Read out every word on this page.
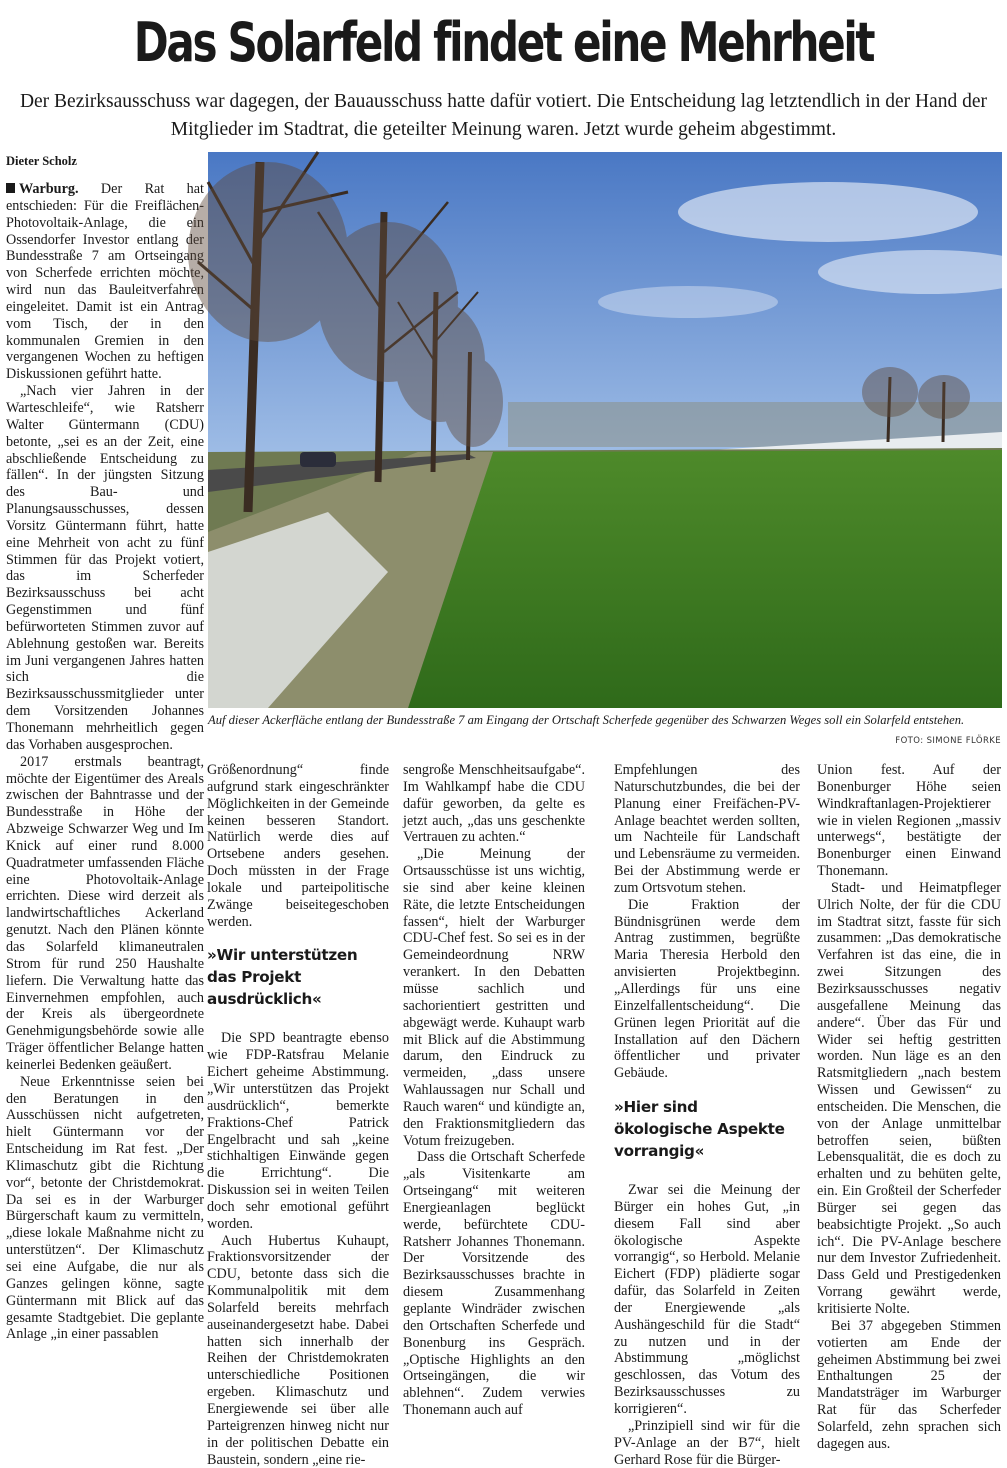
Das Solarfeld findet eine Mehrheit
Der Bezirksausschuss war dagegen, der Bauausschuss hatte dafür votiert. Die Entscheidung lag letztendlich in der Hand der Mitglieder im Stadtrat, die geteilter Meinung waren. Jetzt wurde geheim abgestimmt.
Dieter Scholz

Warburg. Der Rat hat entschieden: Für die Freiflächen-Photovoltaik-Anlage, die ein Ossendorfer Investor entlang der Bundesstraße 7 am Ortseingang von Scherfede errichten möchte, wird nun das Bauleitverfahren eingeleitet. Damit ist ein Antrag vom Tisch, der in den kommunalen Gremien in den vergangenen Wochen zu heftigen Diskussionen geführt hatte.

„Nach vier Jahren in der Warteschleife“, wie Ratsherr Walter Güntermann (CDU) betonte, „sei es an der Zeit, eine abschließende Entscheidung zu fällen“. In der jüngsten Sitzung des Bau- und Planungsausschusses, dessen Vorsitz Güntermann führt, hatte eine Mehrheit von acht zu fünf Stimmen für das Projekt votiert, das im Scherfeder Bezirksausschuss bei acht Gegenstimmen und fünf befürworteten Stimmen zuvor auf Ablehnung gestoßen war. Bereits im Juni vergangenen Jahres hatten sich die Bezirksausschussmitglieder unter dem Vorsitzenden Johannes Thonemann mehrheitlich gegen das Vorhaben ausgesprochen.

2017 erstmals beantragt, möchte der Eigentümer des Areals zwischen der Bahntrasse und der Bundesstraße in Höhe der Abzweige Schwarzer Weg und Im Knick auf einer rund 8.000 Quadratmeter umfassenden Fläche eine Photovoltaik-Anlage errichten. Diese wird derzeit als landwirtschaftliches Ackerland genutzt. Nach den Plänen könnte das Solarfeld klimaneutralen Strom für rund 250 Haushalte liefern. Die Verwaltung hatte das Einvernehmen empfohlen, auch der Kreis als übergeordnete Genehmigungsbehörde sowie alle Träger öffentlicher Belange hatten keinerlei Bedenken geäußert.

Neue Erkenntnisse seien bei den Beratungen in den Ausschüssen nicht aufgetreten, hielt Güntermann vor der Entscheidung im Rat fest. „Der Klimaschutz gibt die Richtung vor“, betonte der Christdemokrat. Da sei es in der Warburger Bürgerschaft kaum zu vermitteln, „diese lokale Maßnahme nicht zu unterstützen“. Der Klimaschutz sei eine Aufgabe, die nur als Ganzes gelingen könne, sagte Güntermann mit Blick auf das gesamte Stadtgebiet. Die geplante Anlage „in einer passablen

Auf dieser Ackerfläche entlang der Bundesstraße 7 am Eingang der Ortschaft Scherfede gegenüber des Schwarzen Weges soll ein Solarfeld entstehen.
FOTO: SIMONE FLÖRKE

Größenordnung“ finde aufgrund stark eingeschränkter Möglichkeiten in der Gemeinde keinen besseren Standort. Natürlich werde dies auf Ortsebene anders gesehen. Doch müssten in der Frage lokale und parteipolitische Zwänge beiseitegeschoben werden.

»Wir unterstützen das Projekt ausdrücklich«

Die SPD beantragte ebenso wie FDP-Ratsfrau Melanie Eichert geheime Abstimmung. „Wir unterstützen das Projekt ausdrücklich“, bemerkte Fraktions-Chef Patrick Engelbracht und sah „keine stichhaltigen Einwände gegen die Errichtung“. Die Diskussion sei in weiten Teilen doch sehr emotional geführt worden.

Auch Hubertus Kuhaupt, Fraktionsvorsitzender der CDU, betonte dass sich die Kommunalpolitik mit dem Solarfeld bereits mehrfach auseinandergesetzt habe. Dabei hatten sich innerhalb der Reihen der Christdemokraten unterschiedliche Positionen ergeben. Klimaschutz und Energiewende sei über alle Parteigrenzen hinweg nicht nur in der politischen Debatte ein Baustein, sondern „eine rie-

sengroße Menschheitsaufgabe“. Im Wahlkampf habe die CDU dafür geworben, da gelte es jetzt auch, „das uns geschenkte Vertrauen zu achten.“

„Die Meinung der Ortsausschüsse ist uns wichtig, sie sind aber keine kleinen Räte, die letzte Entscheidungen fassen“, hielt der Warburger CDU-Chef fest. So sei es in der Gemeindeordnung NRW verankert. In den Debatten müsse sachlich und sachorientiert gestritten und abgewägt werde. Kuhaupt warb mit Blick auf die Abstimmung darum, den Eindruck zu vermeiden, „dass unsere Wahlaussagen nur Schall und Rauch waren“ und kündigte an, den Fraktionsmitgliedern das Votum freizugeben.

Dass die Ortschaft Scherfede „als Visitenkarte am Ortseingang“ mit weiteren Energieanlagen beglückt werde, befürchtete CDU-Ratsherr Johannes Thonemann. Der Vorsitzende des Bezirksausschusses brachte in diesem Zusammenhang geplante Windräder zwischen den Ortschaften Scherfede und Bonenburg ins Gespräch. „Optische Highlights an den Ortseingängen, die wir ablehnen“. Zudem verwies Thonemann auch auf

Empfehlungen des Naturschutzbundes, die bei der Planung einer Freifächen-PV-Anlage beachtet werden sollten, um Nachteile für Landschaft und Lebensräume zu vermeiden. Bei der Abstimmung werde er zum Ortsvotum stehen.

Die Fraktion der Bündnisgrünen werde dem Antrag zustimmen, begrüßte Maria Theresia Herbold den anvisierten Projektbeginn. „Allerdings für uns eine Einzelfallentscheidung“. Die Grünen legen Priorität auf die Installation auf den Dächern öffentlicher und privater Gebäude.

»Hier sind ökologische Aspekte vorrangig«

Zwar sei die Meinung der Bürger ein hohes Gut, „in diesem Fall sind aber ökologische Aspekte vorrangig“, so Herbold. Melanie Eichert (FDP) plädierte sogar dafür, das Solarfeld in Zeiten der Energiewende „als Aushängeschild für die Stadt“ zu nutzen und in der Abstimmung „möglichst geschlossen, das Votum des Bezirksausschusses zu korrigieren“.

„Prinzipiell sind wir für die PV-Anlage an der B7“, hielt Gerhard Rose für die Bürger-

Union fest. Auf der Bonenburger Höhe seien Windkraftanlagen-Projektierer wie in vielen Regionen „massiv unterwegs“, bestätigte der Bonenburger einen Einwand Thonemann.

Stadt- und Heimatpfleger Ulrich Nolte, der für die CDU im Stadtrat sitzt, fasste für sich zusammen: „Das demokratische Verfahren ist das eine, die in zwei Sitzungen des Bezirksausschusses negativ ausgefallene Meinung das andere“. Über das Für und Wider sei heftig gestritten worden. Nun läge es an den Ratsmitgliedern „nach bestem Wissen und Gewissen“ zu entscheiden. Die Menschen, die von der Anlage unmittelbar betroffen seien, büßten Lebensqualität, die es doch zu erhalten und zu behüten gelte, ein. Ein Großteil der Scherfeder Bürger sei gegen das beabsichtigte Projekt. „So auch ich“. Die PV-Anlage beschere nur dem Investor Zufriedenheit. Dass Geld und Prestigedenken Vorrang gewährt werde, kritisierte Nolte.

Bei 37 abgegeben Stimmen votierten am Ende der geheimen Abstimmung bei zwei Enthaltungen 25 der Mandatsträger im Warburger Rat für das Scherfeder Solarfeld, zehn sprachen sich dagegen aus.
